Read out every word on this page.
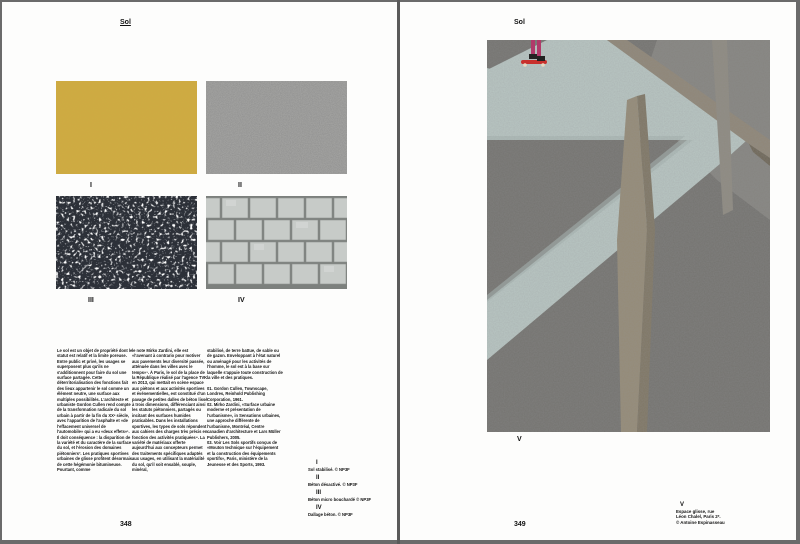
Sol
I	II
III	IV
Le sol est un objet de propriété dont le statut est relatif et la limite poreuse. Entre public et privé, les usages se superposent plus qu'ils ne s'additionnent pour faire du sol une surface partagée. Cette déterritorialisation des fonctions fait des lieux appartenir le sol comme un élément neutre, une surface aux multiples possibilités. L'architecte et urbaniste Gordon Cullen rend compte de la transformation radicale du sol urbain à partir de la fin du XXᵉ siècle, avec l'apparition de l'asphalte et «de l'effacement universel de l'automobile» qui a eu «deux effets»¹. Il doit conséquence : la disparition de la variété et du caractère de la surface du sol, et l'érosion des domaines piétonniers². Les pratiques sportives urbaines de glisse profitent désormais de cette hégémonie bitumineuse. Pourtant, comme
le note Mirko Zardini, elle est «l'avenant à contrario pour motiver aux pavements leur diversité passée, atténuée dans les villes avec le temps»³. À Paris, le sol de la place de la République réalisé par l'agence TVK en 2013, qui mettait en scène espace aux piétons et aux activités sportives et événementielles, est constitué d'un pavage de petites dalles de béton lissé à trois dimensions, différenciant ainsi les statuts piétonniers, partagés ou incitant des surfaces humides praticables. Dans les installations sportives, les types de sols répondent aux cahiers des charges très précis en fonction des activités pratiquées⁴. La variété de matériaux offerte aujourd'hui aux concepteurs permet des traitements spécifiques adaptés aux usages, en utilisant la matérialité du sol, qu'il soit ensablé, souple, minéral,
stabilisé, de terre battue, de sable ou de gazon. Enveloppant à l'état naturel ou aménagé pour les activités de l'homme, le sol est à la base sur laquelle s'appuie toute construction de la ville et des pratiques.

01. Gordon Cullen, Townscape, Londres, Reinhold Publishing Corporation, 1961.
02. Mirko Zardini, «Surface urbaine moderne et présentation de l'urbanisme», in Sensations urbaines, une approche différente de l'urbanisme, Montréal, Centre canadien d'architecture et Lars Müller Publishers, 2005.
03. Voir Les Sols sportifs conçus de «Mouton technique sur l'équipement et la construction des équipements sportifs», Paris, ministère de la Jeunesse et des Sports, 1993.	I
Sol stabilisé. © NP3F
II
Béton désactivé. © NP3F
III
Béton micro bouchardé © NP3F
IV
Dallage béton. © NP3F
348
Sol
V
V
Espace glisse, rue
Léon Chalel, Paris 2ᵉ.
© Antoine Espinasseau
349
